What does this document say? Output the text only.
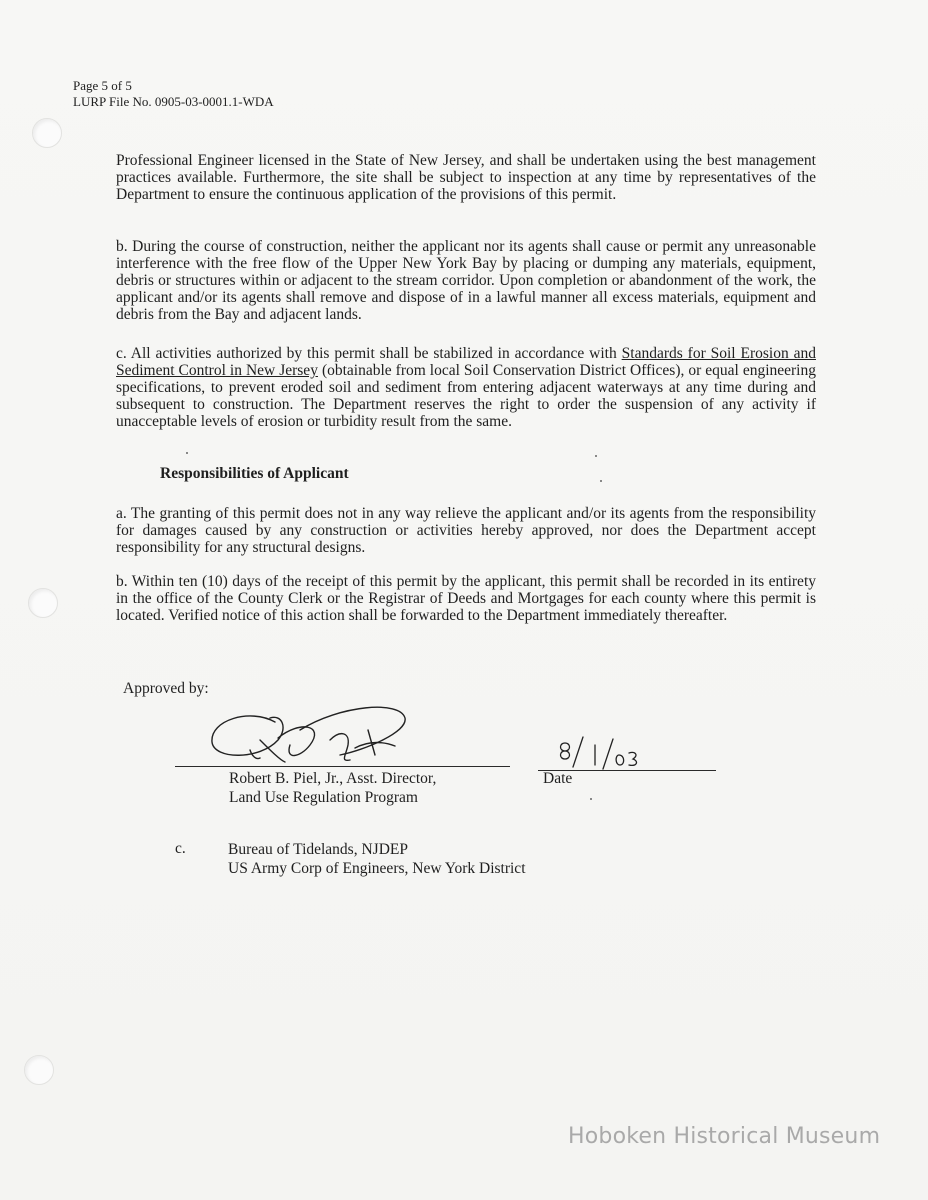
Page 5 of 5
LURP File No. 0905-03-0001.1-WDA
Professional Engineer licensed in the State of New Jersey, and shall be undertaken using the best management practices available. Furthermore, the site shall be subject to inspection at any time by representatives of the Department to ensure the continuous application of the provisions of this permit.
b. During the course of construction, neither the applicant nor its agents shall cause or permit any unreasonable interference with the free flow of the Upper New York Bay by placing or dumping any materials, equipment, debris or structures within or adjacent to the stream corridor. Upon completion or abandonment of the work, the applicant and/or its agents shall remove and dispose of in a lawful manner all excess materials, equipment and debris from the Bay and adjacent lands.
c. All activities authorized by this permit shall be stabilized in accordance with Standards for Soil Erosion and Sediment Control in New Jersey (obtainable from local Soil Conservation District Offices), or equal engineering specifications, to prevent eroded soil and sediment from entering adjacent waterways at any time during and subsequent to construction. The Department reserves the right to order the suspension of any activity if unacceptable levels of erosion or turbidity result from the same.
Responsibilities of Applicant
a. The granting of this permit does not in any way relieve the applicant and/or its agents from the responsibility for damages caused by any construction or activities hereby approved, nor does the Department accept responsibility for any structural designs.
b. Within ten (10) days of the receipt of this permit by the applicant, this permit shall be recorded in its entirety in the office of the County Clerk or the Registrar of Deeds and Mortgages for each county where this permit is located. Verified notice of this action shall be forwarded to the Department immediately thereafter.
Approved by:
Robert B. Piel, Jr., Asst. Director,
Land Use Regulation Program
Date
c.	Bureau of Tidelands, NJDEP
US Army Corp of Engineers, New York District
Hoboken Historical Museum
